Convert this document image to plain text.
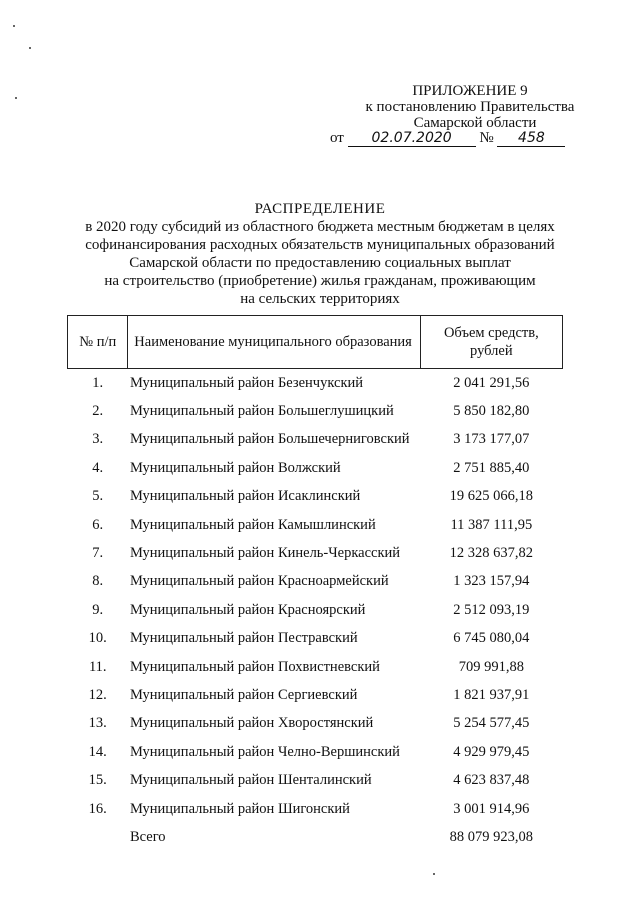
ПРИЛОЖЕНИЕ 9
к постановлению Правительства
Самарской области
от 02.07.2020 № 458
РАСПРЕДЕЛЕНИЕ
в 2020 году субсидий из областного бюджета местным бюджетам в целях
софинансирования расходных обязательств муниципальных образований
Самарской области по предоставлению социальных выплат
на строительство (приобретение) жилья гражданам, проживающим
на сельских территориях
№ п/п	Наименование муниципального образования	Объем средств, рублей
1.	Муниципальный район Безенчукский	2 041 291,56
2.	Муниципальный район Большеглушицкий	5 850 182,80
3.	Муниципальный район Большечерниговский	3 173 177,07
4.	Муниципальный район Волжский	2 751 885,40
5.	Муниципальный район Исаклинский	19 625 066,18
6.	Муниципальный район Камышлинский	11 387 111,95
7.	Муниципальный район Кинель-Черкасский	12 328 637,82
8.	Муниципальный район Красноармейский	1 323 157,94
9.	Муниципальный район Красноярский	2 512 093,19
10.	Муниципальный район Пестравский	6 745 080,04
11.	Муниципальный район Похвистневский	709 991,88
12.	Муниципальный район Сергиевский	1 821 937,91
13.	Муниципальный район Хворостянский	5 254 577,45
14.	Муниципальный район Челно-Вершинский	4 929 979,45
15.	Муниципальный район Шенталинский	4 623 837,48
16.	Муниципальный район Шигонский	3 001 914,96
	Всего	88 079 923,08
